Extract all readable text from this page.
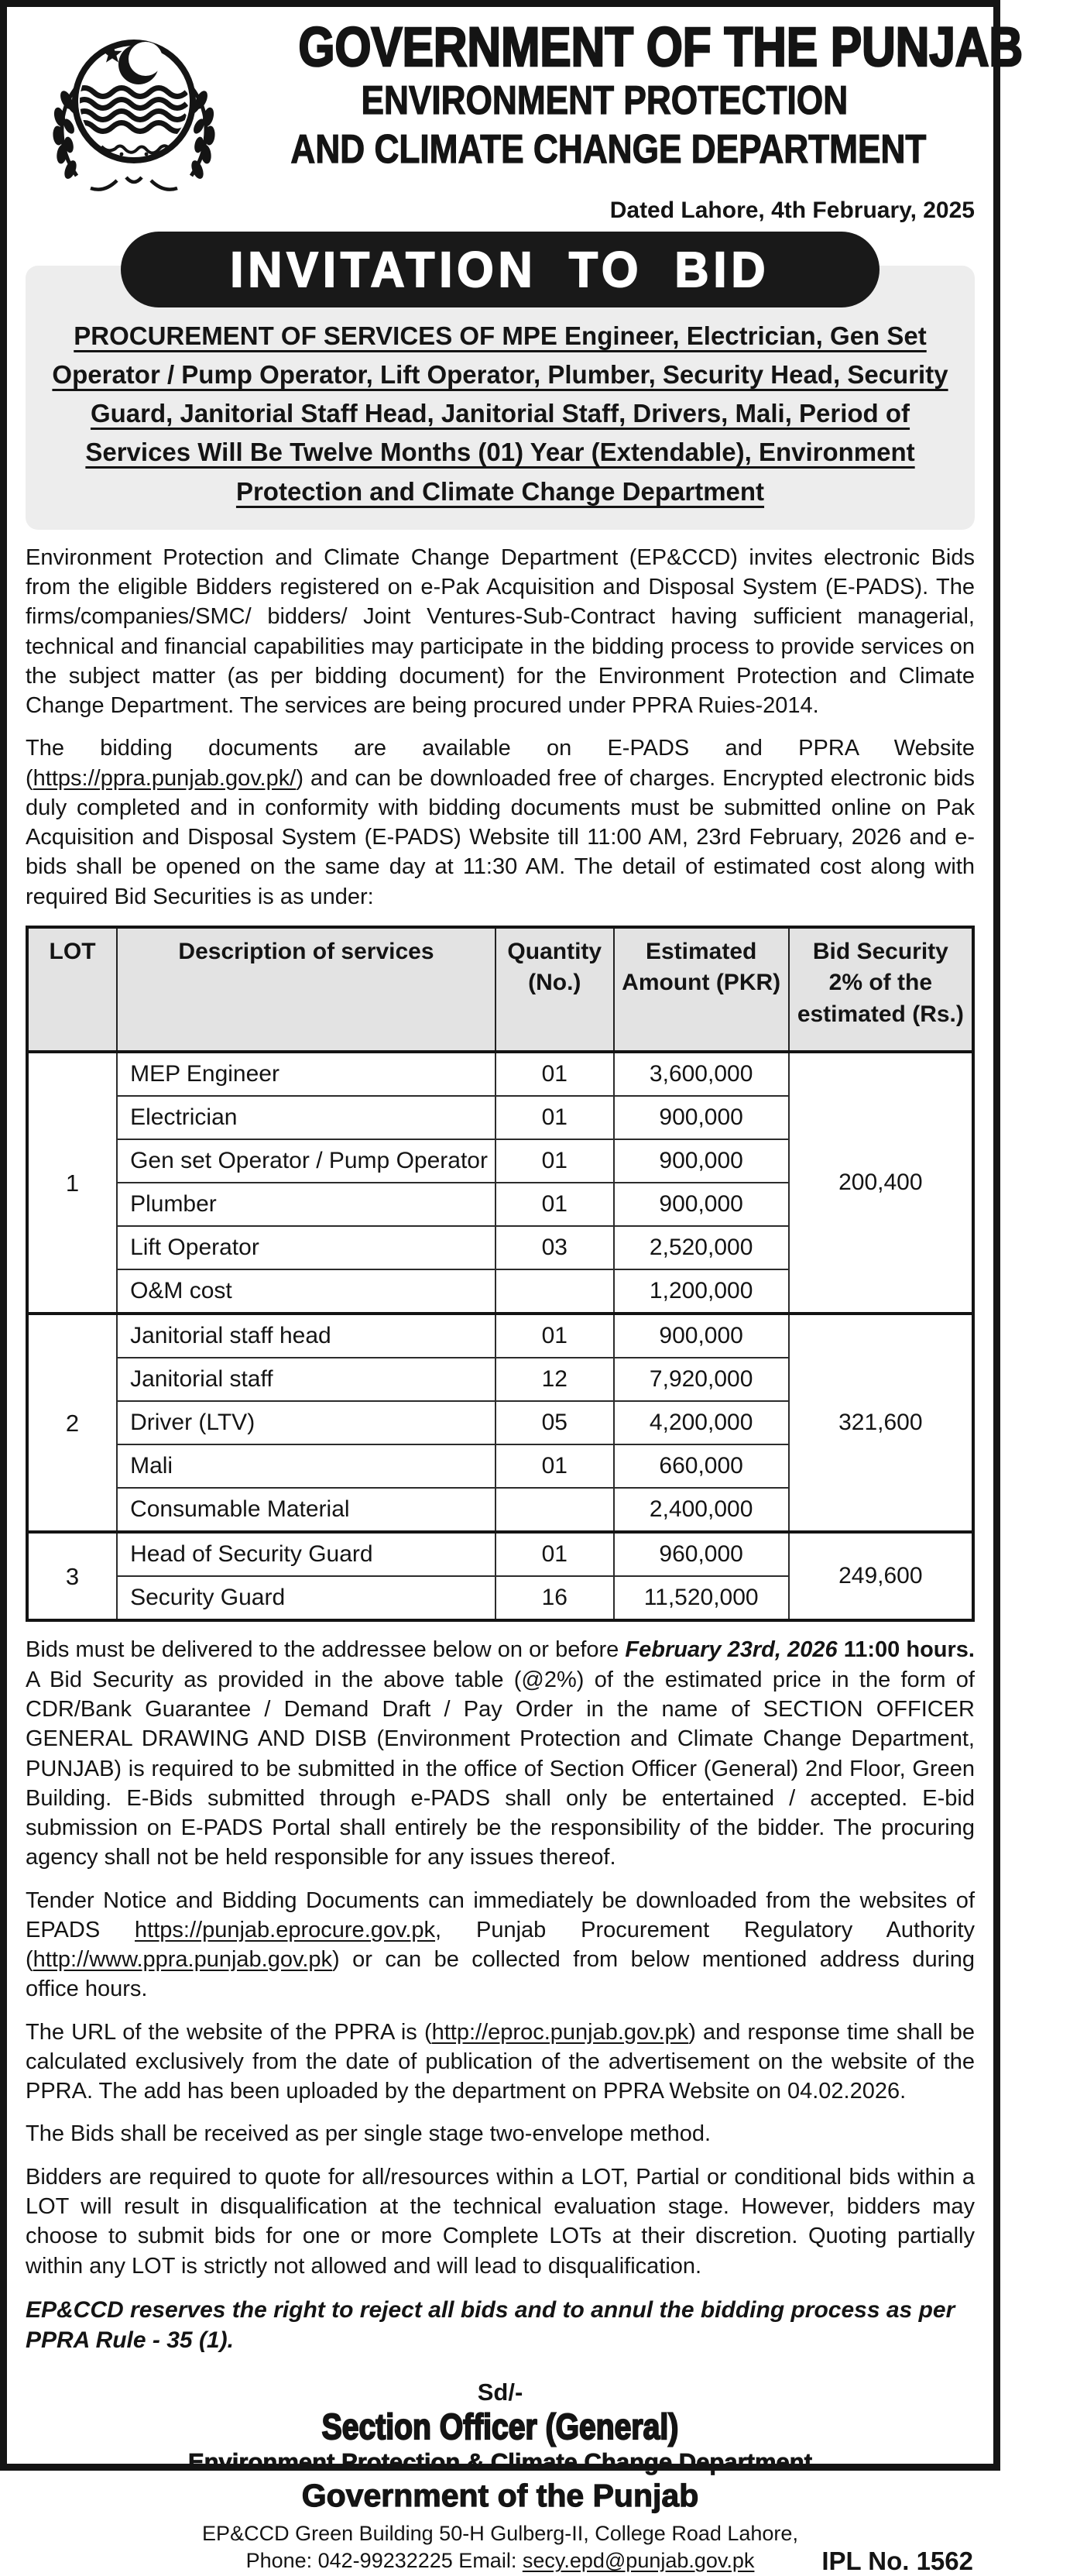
GOVERNMENT OF THE PUNJAB
ENVIRONMENT PROTECTION
AND CLIMATE CHANGE DEPARTMENT
Dated Lahore, 4th February, 2025
INVITATION TO BID
PROCUREMENT OF SERVICES OF MPE Engineer, Electrician, Gen Set Operator / Pump Operator, Lift Operator, Plumber, Security Head, Security Guard, Janitorial Staff Head, Janitorial Staff, Drivers, Mali, Period of Services Will Be Twelve Months (01) Year (Extendable), Environment Protection and Climate Change Department

Environment Protection and Climate Change Department (EP&CCD) invites electronic Bids from the eligible Bidders registered on e-Pak Acquisition and Disposal System (E-PADS). The firms/companies/SMC/ bidders/ Joint Ventures-Sub-Contract having sufficient managerial, technical and financial capabilities may participate in the bidding process to provide services on the subject matter (as per bidding document) for the Environment Protection and Climate Change Department. The services are being procured under PPRA Ruies-2014.

The bidding documents are available on E-PADS and PPRA Website (https://ppra.punjab.gov.pk/) and can be downloaded free of charges. Encrypted electronic bids duly completed and in conformity with bidding documents must be submitted online on Pak Acquisition and Disposal System (E-PADS) Website till 11:00 AM, 23rd February, 2026 and e- bids shall be opened on the same day at 11:30 AM. The detail of estimated cost along with required Bid Securities is as under:

LOT	Description of services	Quantity (No.)	Estimated Amount (PKR)	Bid Security 2% of the estimated (Rs.)
1	MEP Engineer	01	3,600,000	200,400
	Electrician	01	900,000	
	Gen set Operator / Pump Operator	01	900,000	
	Plumber	01	900,000	
	Lift Operator	03	2,520,000	
	O&M cost		1,200,000	
2	Janitorial staff head	01	900,000	321,600
	Janitorial staff	12	7,920,000	
	Driver (LTV)	05	4,200,000	
	Mali	01	660,000	
	Consumable Material		2,400,000	
3	Head of Security Guard	01	960,000	249,600
	Security Guard	16	11,520,000	

Bids must be delivered to the addressee below on or before February 23rd, 2026 11:00 hours. A Bid Security as provided in the above table (@2%) of the estimated price in the form of CDR/Bank Guarantee / Demand Draft / Pay Order in the name of SECTION OFFICER GENERAL DRAWING AND DISB (Environment Protection and Climate Change Department, PUNJAB) is required to be submitted in the office of Section Officer (General) 2nd Floor, Green Building. E-Bids submitted through e-PADS shall only be entertained / accepted. E-bid submission on E-PADS Portal shall entirely be the responsibility of the bidder. The procuring agency shall not be held responsible for any issues thereof.

Tender Notice and Bidding Documents can immediately be downloaded from the websites of EPADS https://punjab.eprocure.gov.pk, Punjab Procurement Regulatory Authority (http://www.ppra.punjab.gov.pk) or can be collected from below mentioned address during office hours.

The URL of the website of the PPRA is (http://eproc.punjab.gov.pk) and response time shall be calculated exclusively from the date of publication of the advertisement on the website of the PPRA. The add has been uploaded by the department on PPRA Website on 04.02.2026.

The Bids shall be received as per single stage two-envelope method.

Bidders are required to quote for all/resources within a LOT, Partial or conditional bids within a LOT will result in disqualification at the technical evaluation stage. However, bidders may choose to submit bids for one or more Complete LOTs at their discretion. Quoting partially within any LOT is strictly not allowed and will lead to disqualification.

EP&CCD reserves the right to reject all bids and to annul the bidding process as per PPRA Rule - 35 (1).

Sd/-
Section Officer (General)
Environment Protection & Climate Change Department
Government of the Punjab
EP&CCD Green Building 50-H Gulberg-II, College Road Lahore,
Phone: 042-99232225 Email: secy.epd@punjab.gov.pk	IPL No. 1562
